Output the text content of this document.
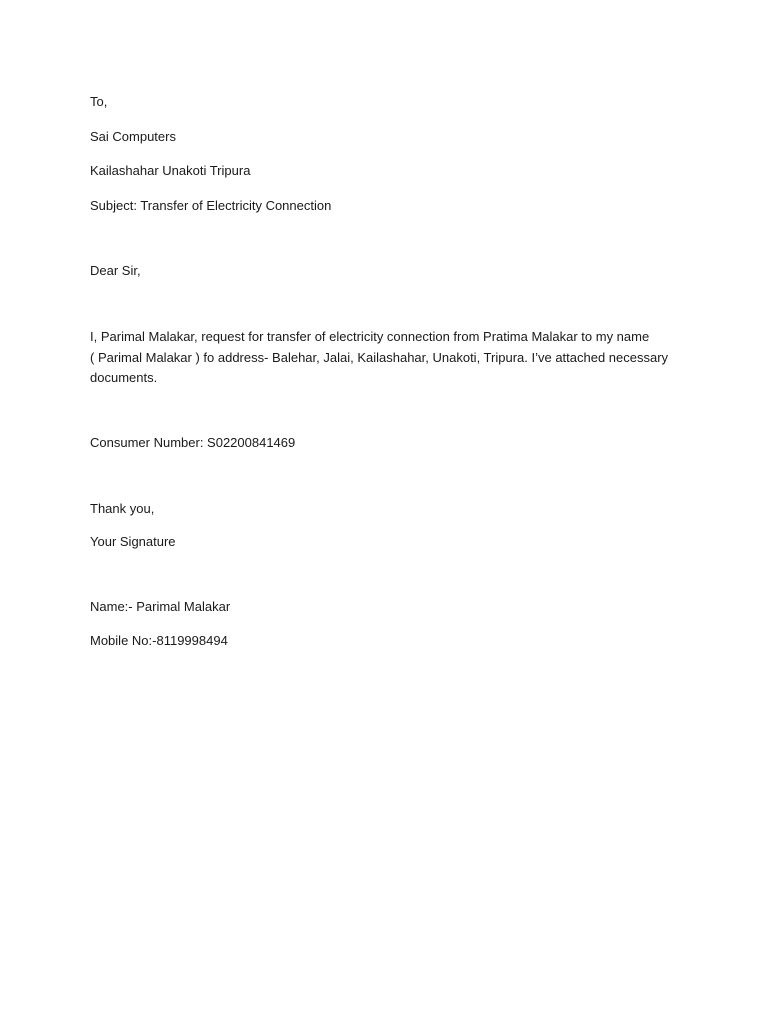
To,

Sai Computers

Kailashahar Unakoti Tripura

Subject: Transfer of Electricity Connection

Dear Sir,

I, Parimal Malakar, request for transfer of electricity connection from Pratima Malakar to my name
( Parimal Malakar ) fo address- Balehar, Jalai, Kailashahar, Unakoti, Tripura. I’ve attached necessary
documents.

Consumer Number: S02200841469

Thank you,

Your Signature

Name:- Parimal Malakar

Mobile No:-8119998494
